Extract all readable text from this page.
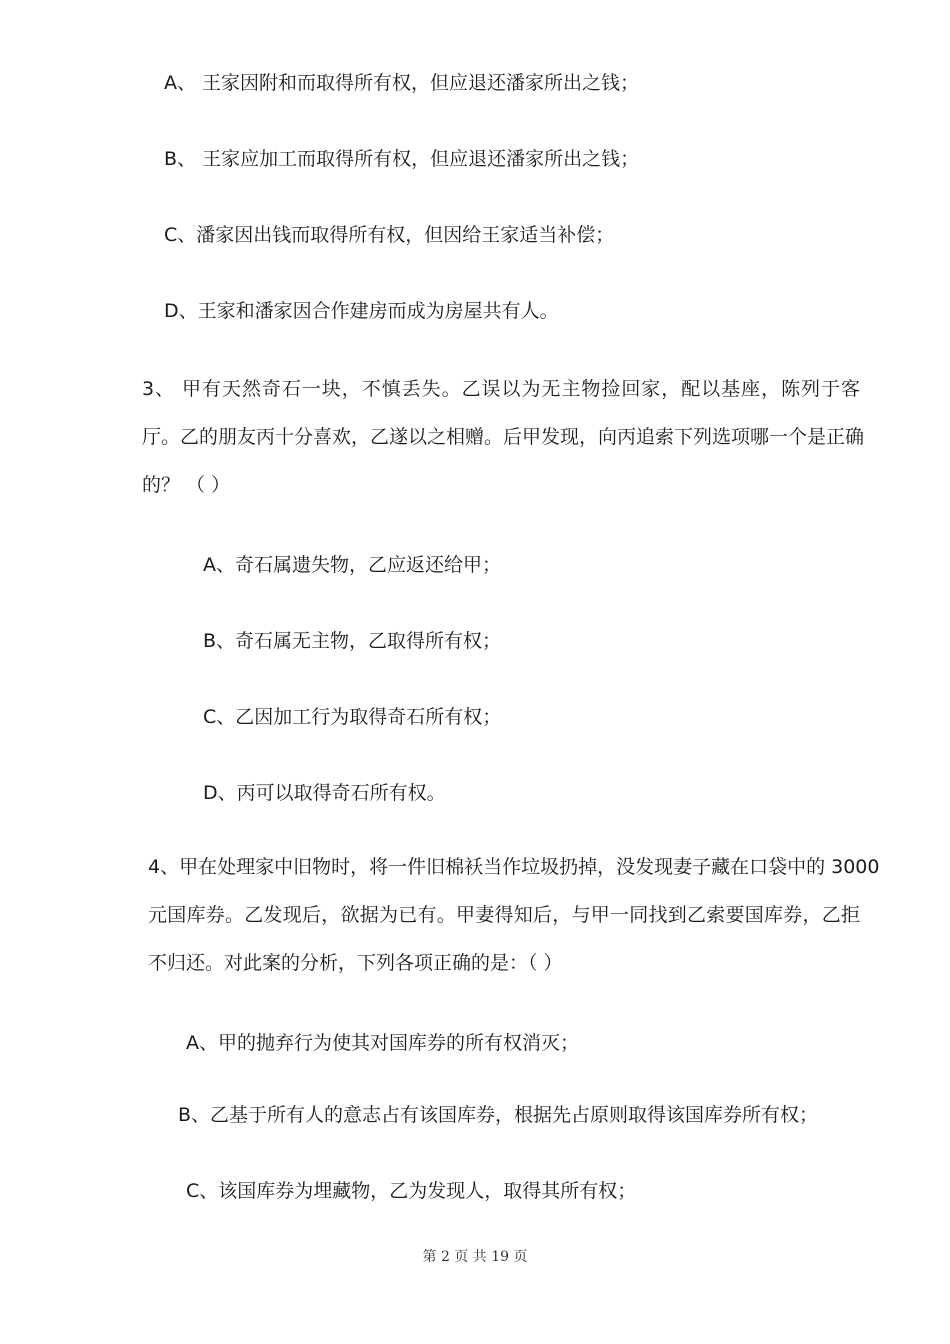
A、 王家因附和而取得所有权，但应退还潘家所出之钱；
B、 王家应加工而取得所有权，但应退还潘家所出之钱；
C、潘家因出钱而取得所有权，但因给王家适当补偿；
D、王家和潘家因合作建房而成为房屋共有人。
3、 甲有天然奇石一块，不慎丢失。乙误以为无主物捡回家，配以基座，陈列于客
厅。乙的朋友丙十分喜欢，乙遂以之相赠。后甲发现，向丙追索下列选项哪一个是正确
的？ （ ）
A、奇石属遗失物，乙应返还给甲；
B、奇石属无主物，乙取得所有权；
C、乙因加工行为取得奇石所有权；
D、丙可以取得奇石所有权。
4、甲在处理家中旧物时，将一件旧棉袄当作垃圾扔掉，没发现妻子藏在口袋中的 3000
元国库券。乙发现后，欲据为已有。甲妻得知后，与甲一同找到乙索要国库券，乙拒
不归还。对此案的分析，下列各项正确的是：（ ）
A、甲的抛弃行为使其对国库券的所有权消灭；
B、乙基于所有人的意志占有该国库券，根据先占原则取得该国库券所有权；
C、该国库券为埋藏物，乙为发现人，取得其所有权；
第 2 页 共 19 页
